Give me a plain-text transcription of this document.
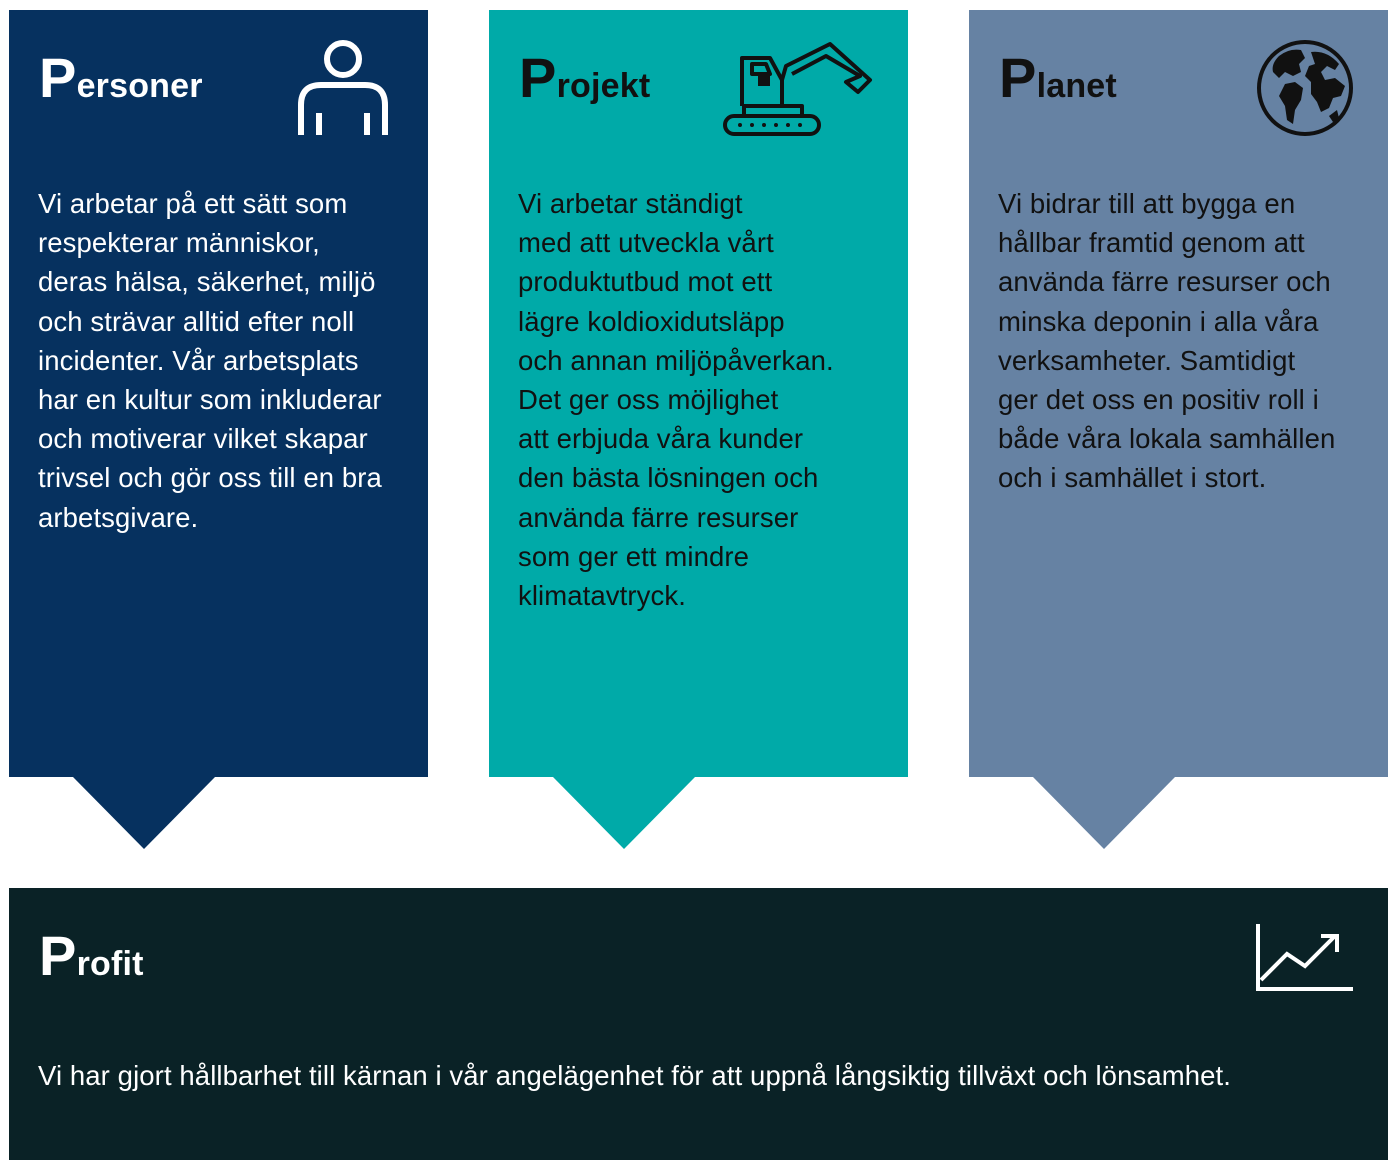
Personer
Vi arbetar på ett sätt som
respekterar människor,
deras hälsa, säkerhet, miljö
och strävar alltid efter noll
incidenter. Vår arbetsplats
har en kultur som inkluderar
och motiverar vilket skapar
trivsel och gör oss till en bra
arbetsgivare.
Projekt
Vi arbetar ständigt
med att utveckla vårt
produktutbud mot ett
lägre koldioxidutsläpp
och annan miljöpåverkan.
Det ger oss möjlighet
att erbjuda våra kunder
den bästa lösningen och
använda färre resurser
som ger ett mindre
klimatavtryck.
Planet
Vi bidrar till att bygga en
hållbar framtid genom att
använda färre resurser och
minska deponin i alla våra
verksamheter. Samtidigt
ger det oss en positiv roll i
både våra lokala samhällen
och i samhället i stort.
Profit
Vi har gjort hållbarhet till kärnan i vår angelägenhet för att uppnå långsiktig tillväxt och lönsamhet.
